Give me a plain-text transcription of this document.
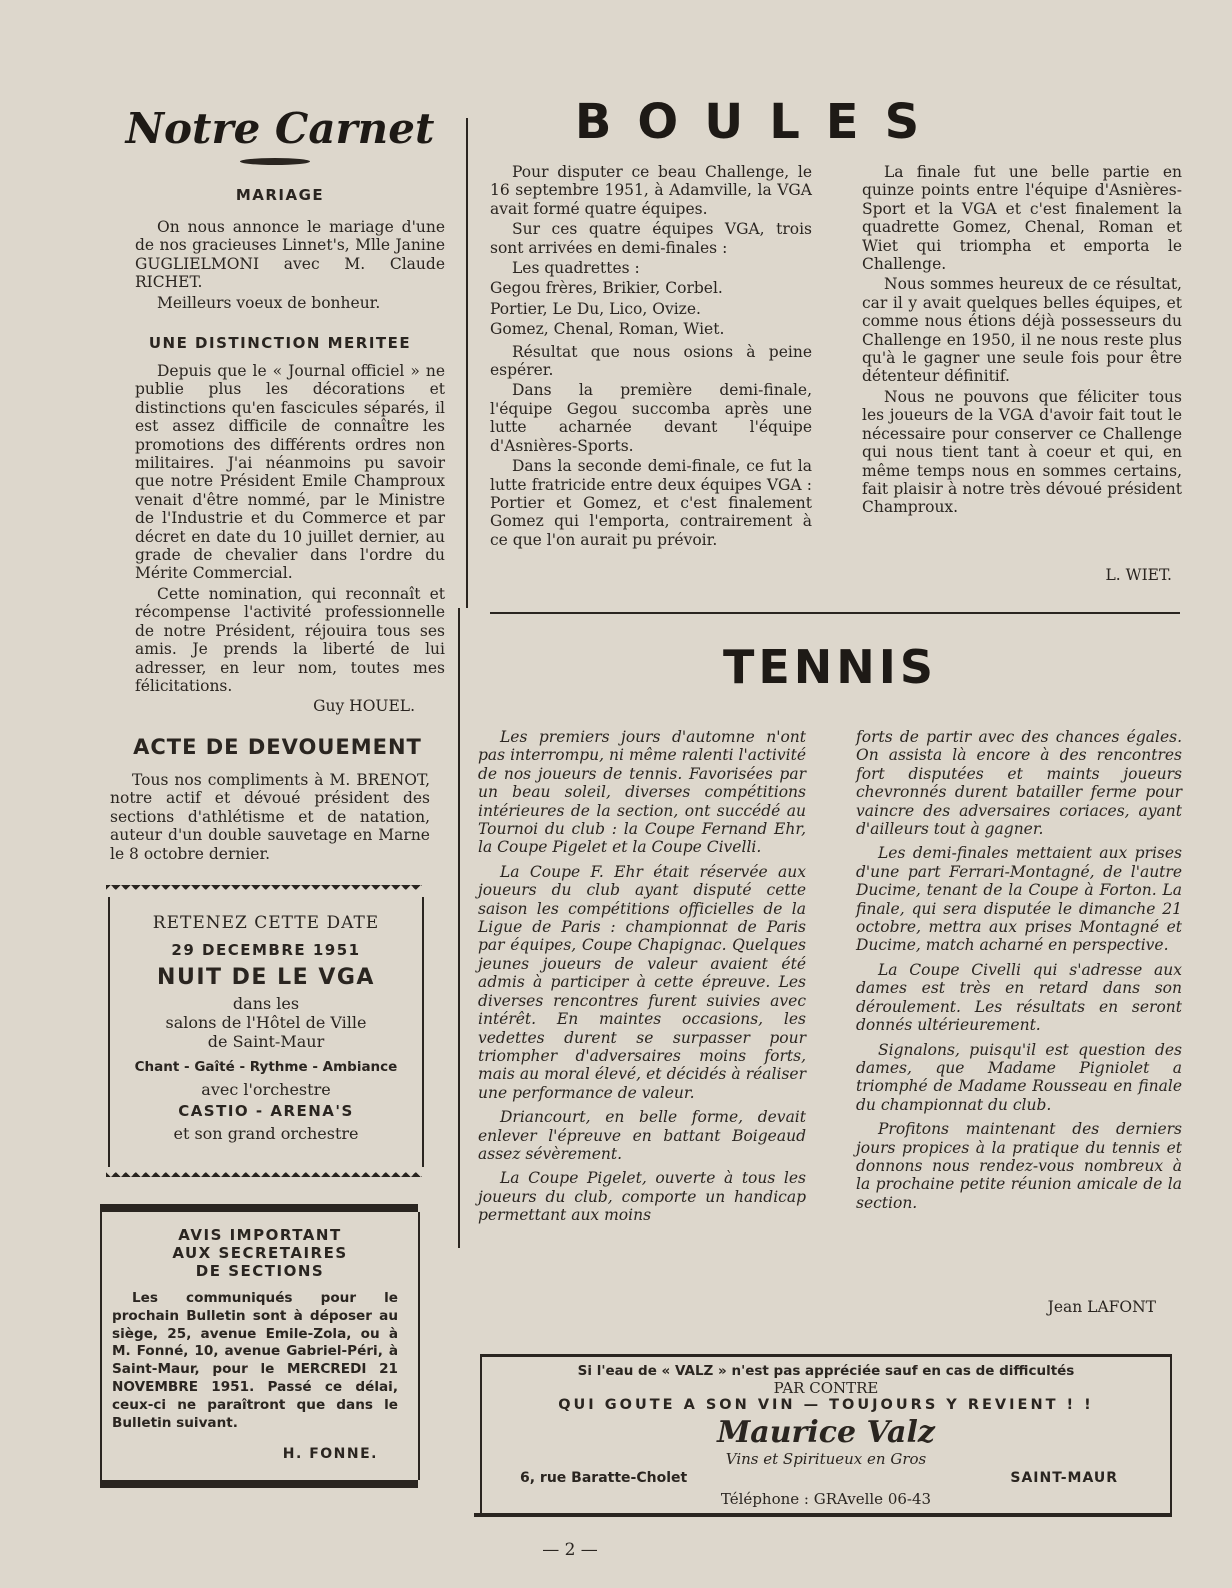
Notre Carnet
MARIAGE

On nous annonce le mariage d'une de nos gracieuses Linnet's, Mlle Janine GUGLIELMONI avec M. Claude RICHET.

Meilleurs voeux de bonheur.

UNE DISTINCTION MERITEE

Depuis que le « Journal officiel » ne publie plus les décorations et distinctions qu'en fascicules séparés, il est assez difficile de connaître les promotions des différents ordres non militaires. J'ai néanmoins pu savoir que notre Président Emile Champroux venait d'être nommé, par le Ministre de l'Industrie et du Commerce et par décret en date du 10 juillet dernier, au grade de chevalier dans l'ordre du Mérite Commercial.

Cette nomination, qui reconnaît et récompense l'activité professionnelle de notre Président, réjouira tous ses amis. Je prends la liberté de lui adresser, en leur nom, toutes mes félicitations.

Guy HOUEL.
ACTE DE DEVOUEMENT

Tous nos compliments à M. BRENOT, notre actif et dévoué président des sections d'athlétisme et de natation, auteur d'un double sauvetage en Marne le 8 octobre dernier.

RETENEZ CETTE DATE
29 DECEMBRE 1951
NUIT DE LE VGA
dans les
salons de l'Hôtel de Ville
de Saint-Maur
Chant - Gaîté - Rythme - Ambiance
avec l'orchestre
CASTIO - ARENA'S
et son grand orchestre
AVIS IMPORTANT
AUX SECRETAIRES
DE SECTIONS
Les communiqués pour le prochain Bulletin sont à déposer au siège, 25, avenue Emile-Zola, ou à M. Fonné, 10, avenue Gabriel-Péri, à Saint-Maur, pour le MERCREDI 21 NOVEMBRE 1951. Passé ce délai, ceux-ci ne paraîtront que dans le Bulletin suivant.
H. FONNE.
BOULES

Pour disputer ce beau Challenge, le 16 septembre 1951, à Adamville, la VGA avait formé quatre équipes.

Sur ces quatre équipes VGA, trois sont arrivées en demi-finales :

Les quadrettes :

Gegou frères, Brikier, Corbel.

Portier, Le Du, Lico, Ovize.

Gomez, Chenal, Roman, Wiet.

Résultat que nous osions à peine espérer.

Dans la première demi-finale, l'équipe Gegou succomba après une lutte acharnée devant l'équipe d'Asnières-Sports.

Dans la seconde demi-finale, ce fut la lutte fratricide entre deux équipes VGA : Portier et Gomez, et c'est finalement Gomez qui l'emporta, contrairement à ce que l'on aurait pu prévoir.

La finale fut une belle partie en quinze points entre l'équipe d'Asnières-Sport et la VGA et c'est finalement la quadrette Gomez, Chenal, Roman et Wiet qui triompha et emporta le Challenge.

Nous sommes heureux de ce résultat, car il y avait quelques belles équipes, et comme nous étions déjà possesseurs du Challenge en 1950, il ne nous reste plus qu'à le gagner une seule fois pour être détenteur définitif.

Nous ne pouvons que féliciter tous les joueurs de la VGA d'avoir fait tout le nécessaire pour conserver ce Challenge qui nous tient tant à coeur et qui, en même temps nous en sommes certains, fait plaisir à notre très dévoué président Champroux.

L. WIET.
TENNIS

Les premiers jours d'automne n'ont pas interrompu, ni même ralenti l'activité de nos joueurs de tennis. Favorisées par un beau soleil, diverses compétitions intérieures de la section, ont succédé au Tournoi du club : la Coupe Fernand Ehr, la Coupe Pigelet et la Coupe Civelli.

La Coupe F. Ehr était réservée aux joueurs du club ayant disputé cette saison les compétitions officielles de la Ligue de Paris : championnat de Paris par équipes, Coupe Chapignac. Quelques jeunes joueurs de valeur avaient été admis à participer à cette épreuve. Les diverses rencontres furent suivies avec intérêt. En maintes occasions, les vedettes durent se surpasser pour triompher d'adversaires moins forts, mais au moral élevé, et décidés à réaliser une performance de valeur.

Driancourt, en belle forme, devait enlever l'épreuve en battant Boigeaud assez sévèrement.

La Coupe Pigelet, ouverte à tous les joueurs du club, comporte un handicap permettant aux moins

forts de partir avec des chances égales. On assista là encore à des rencontres fort disputées et maints joueurs chevronnés durent batailler ferme pour vaincre des adversaires coriaces, ayant d'ailleurs tout à gagner.

Les demi-finales mettaient aux prises d'une part Ferrari-Montagné, de l'autre Ducime, tenant de la Coupe à Forton. La finale, qui sera disputée le dimanche 21 octobre, mettra aux prises Montagné et Ducime, match acharné en perspective.

La Coupe Civelli qui s'adresse aux dames est très en retard dans son déroulement. Les résultats en seront donnés ultérieurement.

Signalons, puisqu'il est question des dames, que Madame Pigniolet a triomphé de Madame Rousseau en finale du championnat du club.

Profitons maintenant des derniers jours propices à la pratique du tennis et donnons nous rendez-vous nombreux à la prochaine petite réunion amicale de la section.

Jean LAFONT
Si l'eau de « VALZ » n'est pas appréciée sauf en cas de difficultés
PAR CONTRE
QUI GOUTE A SON VIN — TOUJOURS Y REVIENT ! !
Maurice Valz
Vins et Spiritueux en Gros
6, rue Baratte-Cholet	SAINT-MAUR
Téléphone : GRAvelle 06-43
— 2 —
